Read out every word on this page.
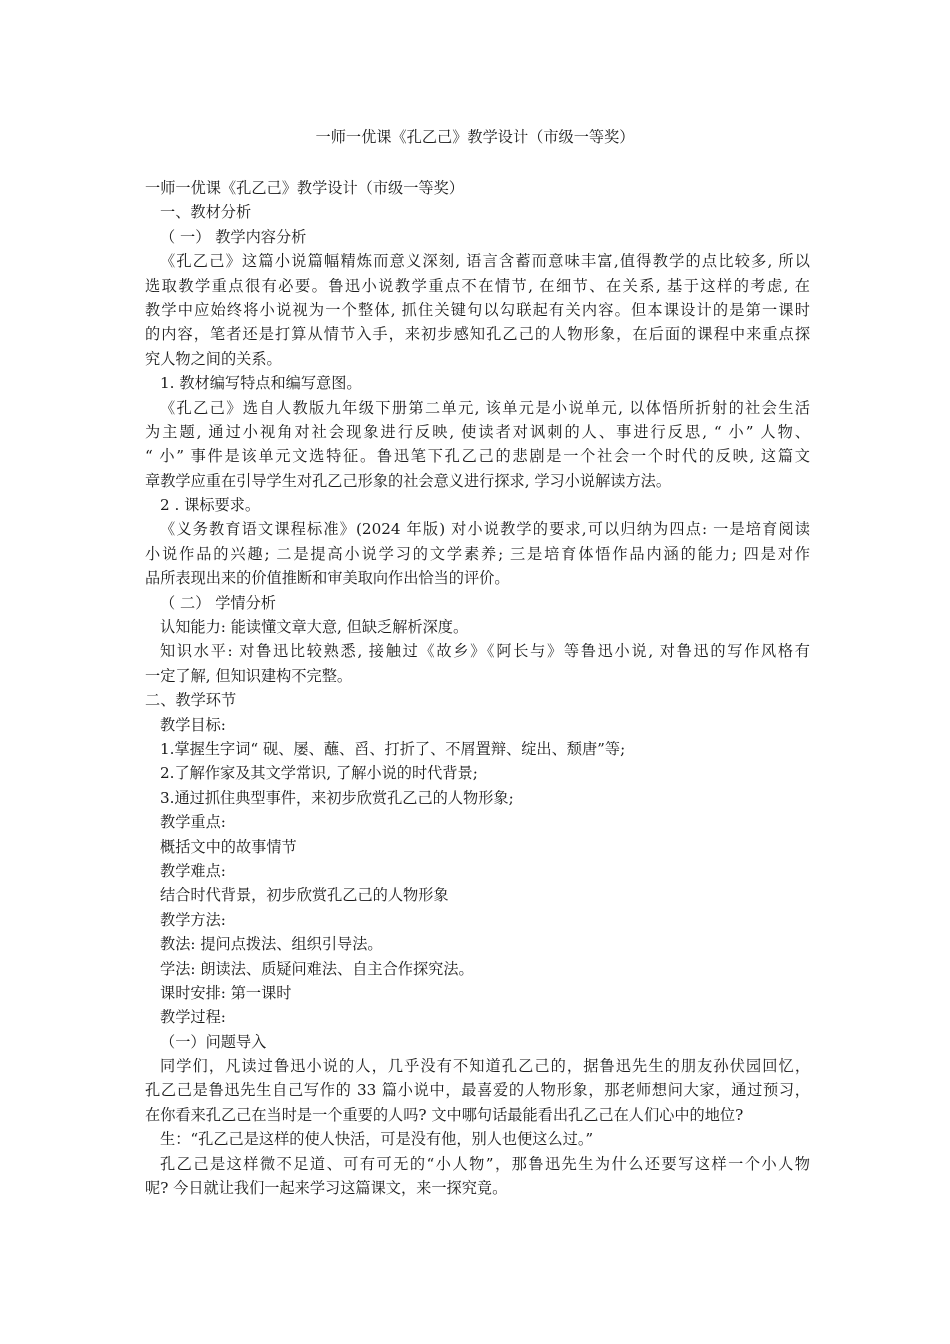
一师一优课《孔乙己》教学设计（市级一等奖）
一师一优课《孔乙己》教学设计（市级一等奖）
一、教材分析
（ 一） 教学内容分析
《孔乙己》这篇小说篇幅精炼而意义深刻, 语言含蓄而意味丰富,值得教学的点比较多, 所以
选取教学重点很有必要。鲁迅小说教学重点不在情节, 在细节、在关系, 基于这样的考虑, 在
教学中应始终将小说视为一个整体, 抓住关键句以勾联起有关内容。但本课设计的是第一课时
的内容，笔者还是打算从情节入手，来初步感知孔乙己的人物形象，在后面的课程中来重点探
究人物之间的关系。
1. 教材编写特点和编写意图。
《孔乙己》选自人教版九年级下册第二单元, 该单元是小说单元, 以体悟所折射的社会生活
为主题, 通过小视角对社会现象进行反映, 使读者对讽刺的人、事进行反思, “ 小” 人物、
“ 小” 事件是该单元文选特征。鲁迅笔下孔乙己的悲剧是一个社会一个时代的反映, 这篇文
章教学应重在引导学生对孔乙己形象的社会意义进行探求, 学习小说解读方法。
2 . 课标要求。
《义务教育语文课程标准》(2024 年版) 对小说教学的要求,可以归纳为四点: 一是培育阅读
小说作品的兴趣; 二是提高小说学习的文学素养; 三是培育体悟作品内涵的能力; 四是对作
品所表现出来的价值推断和审美取向作出恰当的评价。
（ 二） 学情分析
认知能力: 能读懂文章大意, 但缺乏解析深度。
知识水平: 对鲁迅比较熟悉, 接触过《故乡》《阿长与》等鲁迅小说, 对鲁迅的写作风格有
一定了解, 但知识建构不完整。
二、教学环节
教学目标:
1.掌握生字词“ 砚、屡、蘸、舀、打折了、不屑置辩、绽出、颓唐”等;
2.了解作家及其文学常识, 了解小说的时代背景;
3.通过抓住典型事件，来初步欣赏孔乙己的人物形象;
教学重点:
概括文中的故事情节
教学难点:
结合时代背景，初步欣赏孔乙己的人物形象
教学方法:
教法: 提问点拨法、组织引导法。
学法: 朗读法、质疑问难法、自主合作探究法。
课时安排: 第一课时
教学过程:
（一）问题导入
同学们，凡读过鲁迅小说的人，几乎没有不知道孔乙己的，据鲁迅先生的朋友孙伏园回忆，
孔乙己是鲁迅先生自己写作的 33 篇小说中，最喜爱的人物形象，那老师想问大家，通过预习，
在你看来孔乙己在当时是一个重要的人吗? 文中哪句话最能看出孔乙己在人们心中的地位?
生：“孔乙己是这样的使人快活，可是没有他，别人也便这么过。”
孔乙己是这样微不足道、可有可无的“小人物”，那鲁迅先生为什么还要写这样一个小人物
呢? 今日就让我们一起来学习这篇课文，来一探究竟。
